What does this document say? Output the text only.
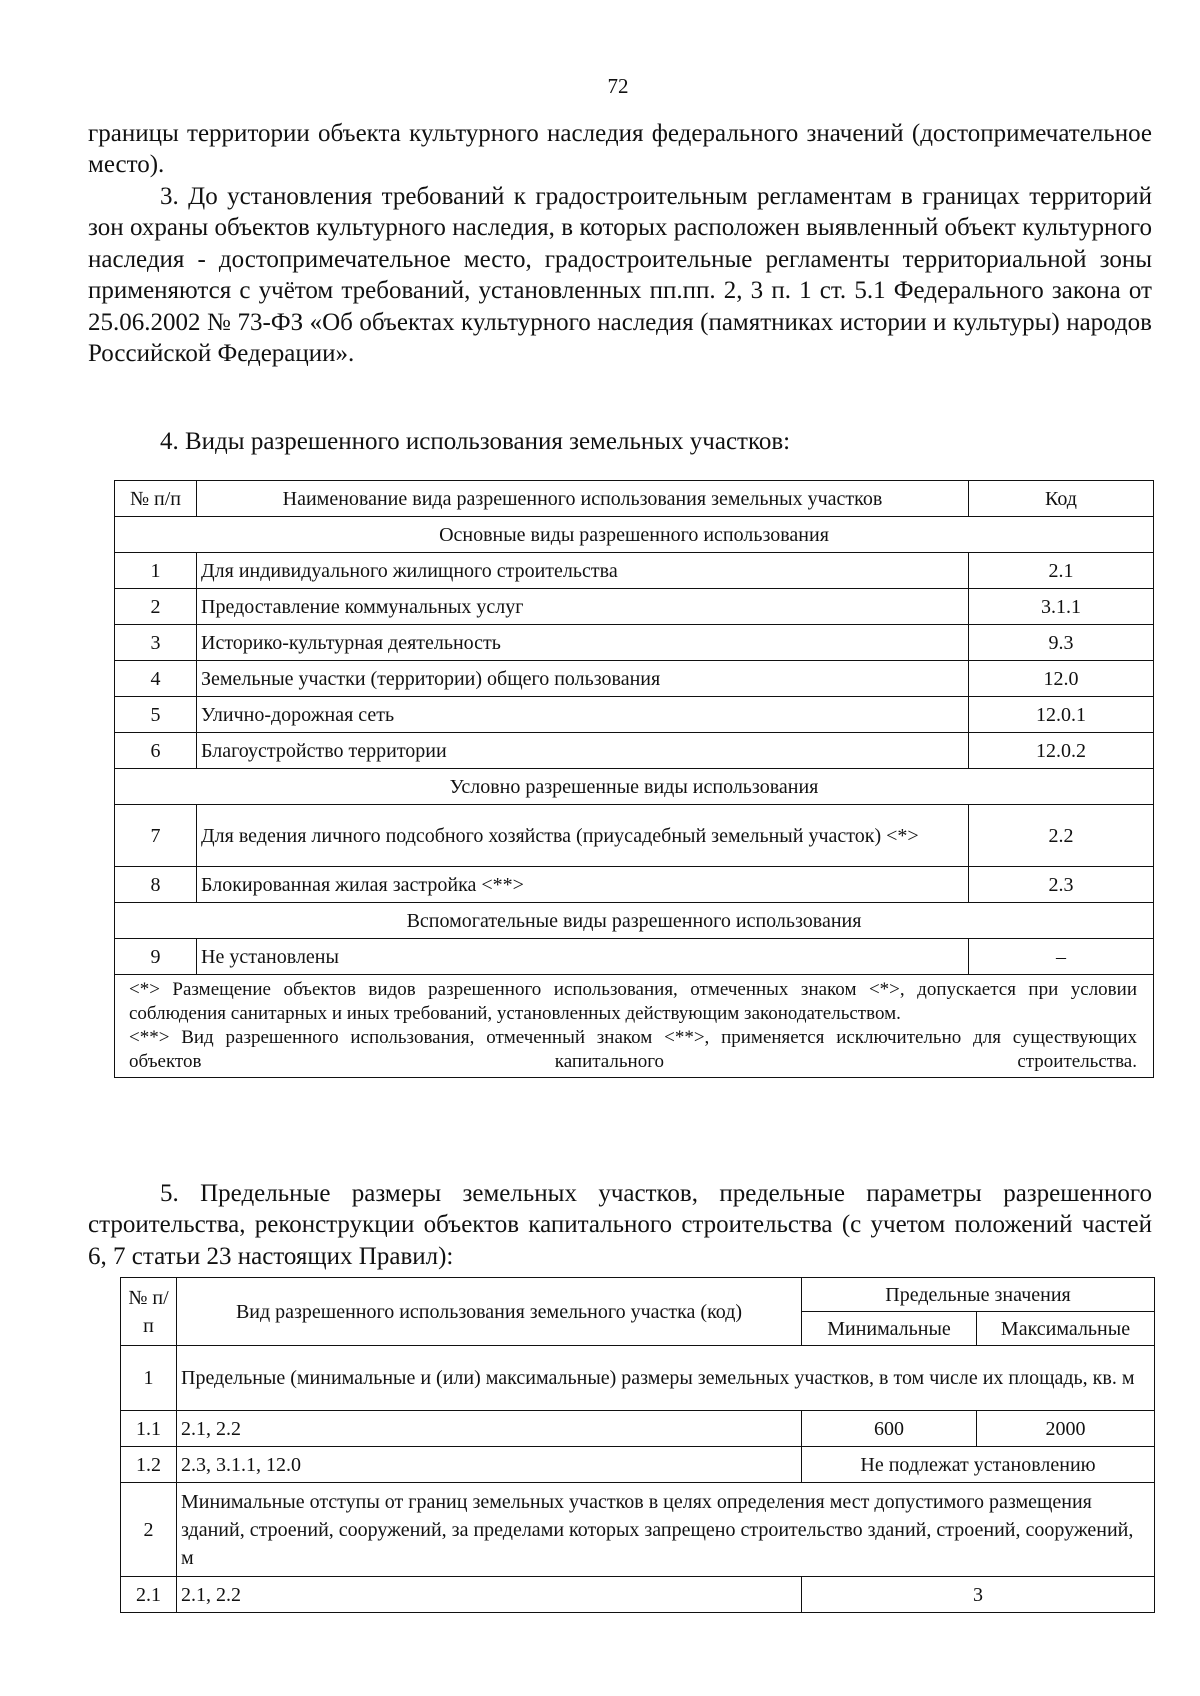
72

границы территории объекта культурного наследия федерального значений (достопримечательное место).

3. До установления требований к градостроительным регламентам в границах территорий зон охраны объектов культурного наследия, в которых расположен выявленный объект культурного наследия - достопримечательное место, градостроительные регламенты территориальной зоны применяются с учётом требований, установленных пп.пп. 2, 3 п. 1 ст. 5.1 Федерального закона от 25.06.2002 № 73-ФЗ «Об объектах культурного наследия (памятниках истории и культуры) народов Российской Федерации».

4. Виды разрешенного использования земельных участков:

№ п/п	Наименование вида разрешенного использования земельных участков	Код
Основные виды разрешенного использования		
1	Для индивидуального жилищного строительства	2.1
2	Предоставление коммунальных услуг	3.1.1
3	Историко-культурная деятельность	9.3
4	Земельные участки (территории) общего пользования	12.0
5	Улично-дорожная сеть	12.0.1
6	Благоустройство территории	12.0.2
Условно разрешенные виды использования		
7	Для ведения личного подсобного хозяйства (приусадебный земельный участок) <*>	2.2
8	Блокированная жилая застройка <**>	2.3
Вспомогательные виды разрешенного использования		
9	Не установлены	–

<*> Размещение объектов видов разрешенного использования, отмеченных знаком <*>, допускается при условии соблюдения санитарных и иных требований, установленных действующим законодательством.

<**> Вид разрешенного использования, отмеченный знаком <**>, применяется исключительно для существующих объектов капитального строительства.		

5. Предельные размеры земельных участков, предельные параметры разрешенного строительства, реконструкции объектов капитального строительства (с учетом положений частей 6, 7 статьи 23 настоящих Правил):

№ п/п	Вид разрешенного использования земельного участка (код)	Предельные значения	
		Минимальные	Максимальные
1	Предельные (минимальные и (или) максимальные) размеры земельных участков, в том числе их площадь, кв. м		
1.1	2.1, 2.2	600	2000
1.2	2.3, 3.1.1, 12.0	Не подлежат установлению	
2	Минимальные отступы от границ земельных участков в целях определения мест допустимого размещения зданий, строений, сооружений, за пределами которых запрещено строительство зданий, строений, сооружений, м		
2.1	2.1, 2.2	3	
